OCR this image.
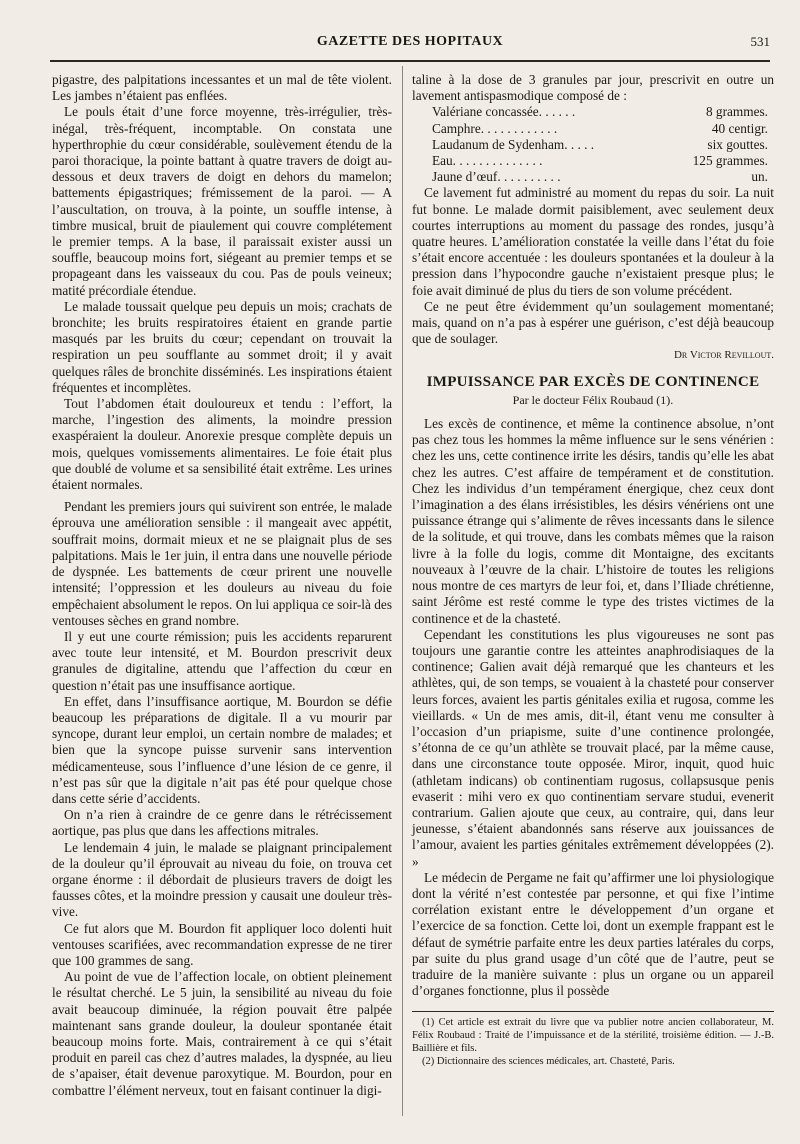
GAZETTE DES HOPITAUX	531

pigastre, des palpitations incessantes et un mal de tête violent. Les jambes n’étaient pas enflées.

Le pouls était d’une force moyenne, très-irrégulier, très-inégal, très-fréquent, incomptable. On constata une hyperthrophie du cœur considérable, soulèvement étendu de la paroi thoracique, la pointe battant à quatre travers de doigt au-dessous et deux travers de doigt en dehors du mamelon; battements épigastriques; frémissement de la paroi. — A l’auscultation, on trouva, à la pointe, un souffle intense, à timbre musical, bruit de piaulement qui couvre complétement le premier temps. A la base, il paraissait exister aussi un souffle, beaucoup moins fort, siégeant au premier temps et se propageant dans les vaisseaux du cou. Pas de pouls veineux; matité précordiale étendue.

Le malade toussait quelque peu depuis un mois; crachats de bronchite; les bruits respiratoires étaient en grande partie masqués par les bruits du cœur; cependant on trouvait la respiration un peu soufflante au sommet droit; il y avait quelques râles de bronchite disséminés. Les inspirations étaient fréquentes et incomplètes.

Tout l’abdomen était douloureux et tendu : l’effort, la marche, l’ingestion des aliments, la moindre pression exaspéraient la douleur. Anorexie presque complète depuis un mois, quelques vomissements alimentaires. Le foie était plus que doublé de volume et sa sensibilité était extrême. Les urines étaient normales.

Pendant les premiers jours qui suivirent son entrée, le malade éprouva une amélioration sensible : il mangeait avec appétit, souffrait moins, dormait mieux et ne se plaignait plus de ses palpitations. Mais le 1er juin, il entra dans une nouvelle période de dyspnée. Les battements de cœur prirent une nouvelle intensité; l’oppression et les douleurs au niveau du foie empêchaient absolument le repos. On lui appliqua ce soir-là des ventouses sèches en grand nombre.

Il y eut une courte rémission; puis les accidents reparurent avec toute leur intensité, et M. Bourdon prescrivit deux granules de digitaline, attendu que l’affection du cœur en question n’était pas une insuffisance aortique.

En effet, dans l’insuffisance aortique, M. Bourdon se défie beaucoup les préparations de digitale. Il a vu mourir par syncope, durant leur emploi, un certain nombre de malades; et bien que la syncope puisse survenir sans intervention médicamenteuse, sous l’influence d’une lésion de ce genre, il n’est pas sûr que la digitale n’ait pas été pour quelque chose dans cette série d’accidents.

On n’a rien à craindre de ce genre dans le rétrécissement aortique, pas plus que dans les affections mitrales.

Le lendemain 4 juin, le malade se plaignant principalement de la douleur qu’il éprouvait au niveau du foie, on trouva cet organe énorme : il débordait de plusieurs travers de doigt les fausses côtes, et la moindre pression y causait une douleur très-vive.

Ce fut alors que M. Bourdon fit appliquer loco dolenti huit ventouses scarifiées, avec recommandation expresse de ne tirer que 100 grammes de sang.

Au point de vue de l’affection locale, on obtient pleinement le résultat cherché. Le 5 juin, la sensibilité au niveau du foie avait beaucoup diminuée, la région pouvait être palpée maintenant sans grande douleur, la douleur spontanée était beaucoup moins forte. Mais, contrairement à ce qui s’était produit en pareil cas chez d’autres malades, la dyspnée, au lieu de s’apaiser, était devenue paroxytique. M. Bourdon, pour en combattre l’élément nerveux, tout en faisant continuer la digi-

taline à la dose de 3 granules par jour, prescrivit en outre un lavement antispasmodique composé de :

Valériane concassée. . . . . .	8 grammes.
Camphre. . . . . . . . . . . .	40 centigr.
Laudanum de Sydenham. . . . .	six gouttes.
Eau. . . . . . . . . . . . . .	125 grammes.
Jaune d’œuf. . . . . . . . . .	un.

Ce lavement fut administré au moment du repas du soir. La nuit fut bonne. Le malade dormit paisiblement, avec seulement deux courtes interruptions au moment du passage des rondes, jusqu’à quatre heures. L’amélioration constatée la veille dans l’état du foie s’était encore accentuée : les douleurs spontanées et la douleur à la pression dans l’hypocondre gauche n’existaient presque plus; le foie avait diminué de plus du tiers de son volume précédent.

Ce ne peut être évidemment qu’un soulagement momentané; mais, quand on n’a pas à espérer une guérison, c’est déjà beaucoup que de soulager.

Dr Victor Revillout.
IMPUISSANCE PAR EXCÈS DE CONTINENCE
Par le docteur Félix Roubaud (1).

Les excès de continence, et même la continence absolue, n’ont pas chez tous les hommes la même influence sur le sens vénérien : chez les uns, cette continence irrite les désirs, tandis qu’elle les abat chez les autres. C’est affaire de tempérament et de constitution. Chez les individus d’un tempérament énergique, chez ceux dont l’imagination a des élans irrésistibles, les désirs vénériens ont une puissance étrange qui s’alimente de rêves incessants dans le silence de la solitude, et qui trouve, dans les combats mêmes que la raison livre à la folle du logis, comme dit Montaigne, des excitants nouveaux à l’œuvre de la chair. L’histoire de toutes les religions nous montre de ces martyrs de leur foi, et, dans l’Iliade chrétienne, saint Jérôme est resté comme le type des tristes victimes de la continence et de la chasteté.

Cependant les constitutions les plus vigoureuses ne sont pas toujours une garantie contre les atteintes anaphrodisiaques de la continence; Galien avait déjà remarqué que les chanteurs et les athlètes, qui, de son temps, se vouaient à la chasteté pour conserver leurs forces, avaient les partis génitales exilia et rugosa, comme les vieillards. « Un de mes amis, dit-il, étant venu me consulter à l’occasion d’un priapisme, suite d’une continence prolongée, s’étonna de ce qu’un athlète se trouvait placé, par la même cause, dans une circonstance toute opposée. Miror, inquit, quod huic (athletam indicans) ob continentiam rugosus, collapsusque penis evaserit : mihi vero ex quo continentiam servare studui, evenerit contrarium. Galien ajoute que ceux, au contraire, qui, dans leur jeunesse, s’étaient abandonnés sans réserve aux jouissances de l’amour, avaient les parties génitales extrêmement développées (2). »

Le médecin de Pergame ne fait qu’affirmer une loi physiologique dont la vérité n’est contestée par personne, et qui fixe l’intime corrélation existant entre le développement d’un organe et l’exercice de sa fonction. Cette loi, dont un exemple frappant est le défaut de symétrie parfaite entre les deux parties latérales du corps, par suite du plus grand usage d’un côté que de l’autre, peut se traduire de la manière suivante : plus un organe ou un appareil d’organes fonctionne, plus il possède

(1) Cet article est extrait du livre que va publier notre ancien collaborateur, M. Félix Roubaud : Traité de l’impuissance et de la stérilité, troisième édition. — J.-B. Baillière et fils.

(2) Dictionnaire des sciences médicales, art. Chasteté, Paris.
